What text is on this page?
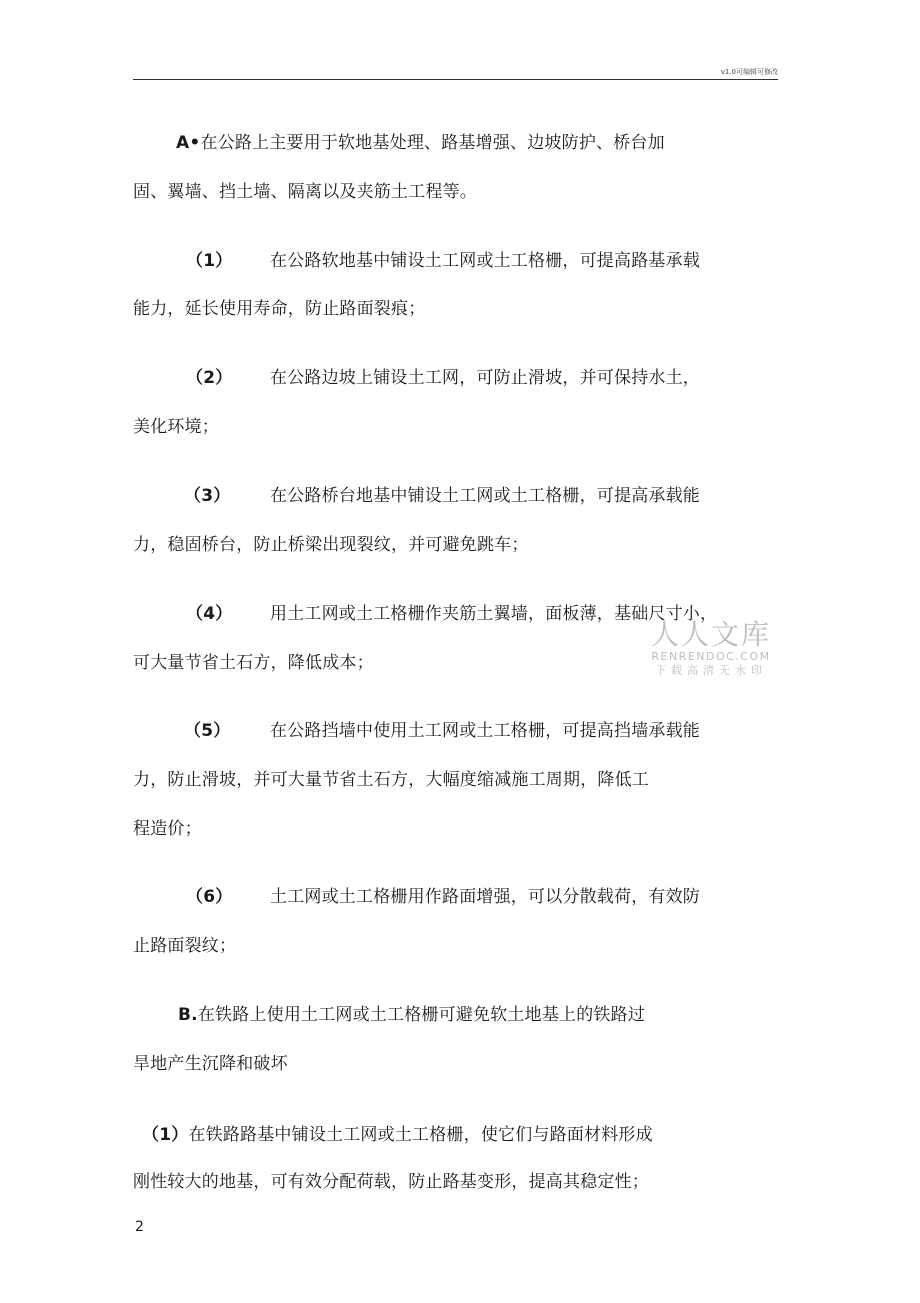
v1.0可编辑可修改
A•在公路上主要用于软地基处理、路基增强、边坡防护、桥台加
固、翼墙、挡土墙、隔离以及夹筋土工程等。
（1） 在公路软地基中铺设土工网或土工格栅，可提高路基承载
能力，延长使用寿命，防止路面裂痕；
（2） 在公路边坡上铺设土工网，可防止滑坡，并可保持水土，
美化环境；
（3） 在公路桥台地基中铺设土工网或土工格栅，可提高承载能
力，稳固桥台，防止桥梁出现裂纹，并可避免跳车；
（4） 用土工网或土工格栅作夹筋土翼墙，面板薄，基础尺寸小，
可大量节省土石方，降低成本；
（5） 在公路挡墙中使用土工网或土工格栅，可提高挡墙承载能
力，防止滑坡，并可大量节省土石方，大幅度缩减施工周期，降低工
程造价；
（6） 土工网或土工格栅用作路面增强，可以分散载荷，有效防
止路面裂纹；
B.在铁路上使用土工网或土工格栅可避免软土地基上的铁路过
旱地产生沉降和破坏
（1）在铁路路基中铺设土工网或土工格栅，使它们与路面材料形成
刚性较大的地基，可有效分配荷载，防止路基变形，提高其稳定性；
人人文库
RENRENDOC.COM
下载高清无水印
2
